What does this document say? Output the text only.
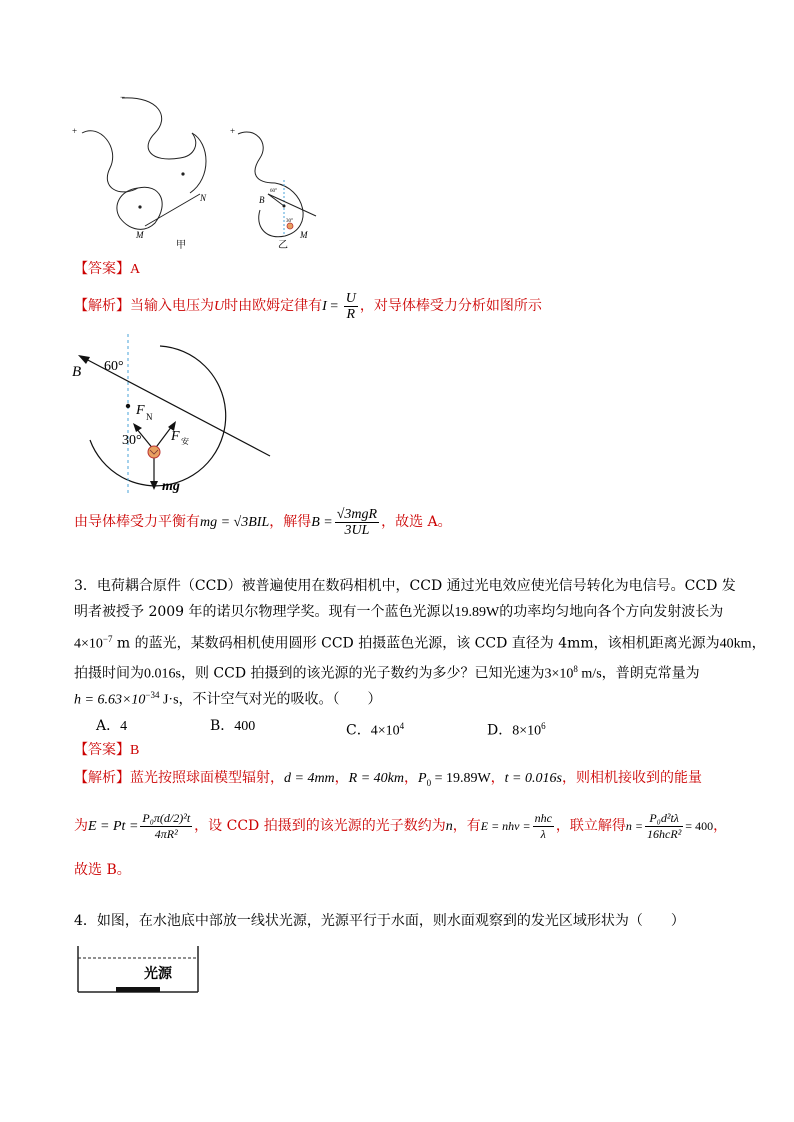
−
+
N
M
甲
+
B
60°
30°
M
乙
【答案】A
【解析】当输入电压为U时由欧姆定律有$I = \frac{U}{R}$ ，对导体棒受力分析如图所示
B 60°
F N
30° F 安
mg
由导体棒受力平衡有mg = √3BIL，解得$B = \frac{\text{√3mgR}}{3UL}$ ，故选 A。
3．电荷耦合原件（CCD）被普遍使用在数码相机中，CCD 通过光电效应使光信号转化为电信号。CCD 发
明者被授予 2009 年的诺贝尔物理学奖。现有一个蓝色光源以19.89W的功率均匀地向各个方向发射波长为
$4\times 10^{-7}$ m 的蓝光，某数码相机使用圆形 CCD 拍摄蓝色光源，该 CCD 直径为 4mm，该相机距离光源为40km，
拍摄时间为0.016s，则 CCD 拍摄到的该光源的光子数约为多少？已知光速为$3\times 10^8$ m/s，普朗克常量为
$h = 6.63\times 10^{-34}$ J·s，不计空气对光的吸收。（　　）
A．4	B．400	C．$4\times 10^4$	D．$8\times 10^6$
【答案】B
【解析】蓝光按照球面模型辐射，d = 4mm，R = 40km，$P_0 = 19.89W$，t = 0.016s，则相机接收到的能量
为$E = Pt = \frac{\text{P₀π(d/2)²t}}{\text{4πR²}}$ ，设 CCD 拍摄到的该光源的光子数约为n，有$E = nh\nu = \frac{\text{nhc}}{\lambda}$ ，联立解得$n = \frac{\text{P₀d²tλ}}{\text{16hcR²}} = 400$，
故选 B。
4．如图，在水池底中部放一线状光源，光源平行于水面，则水面观察到的发光区域形状为（　　）
光源
